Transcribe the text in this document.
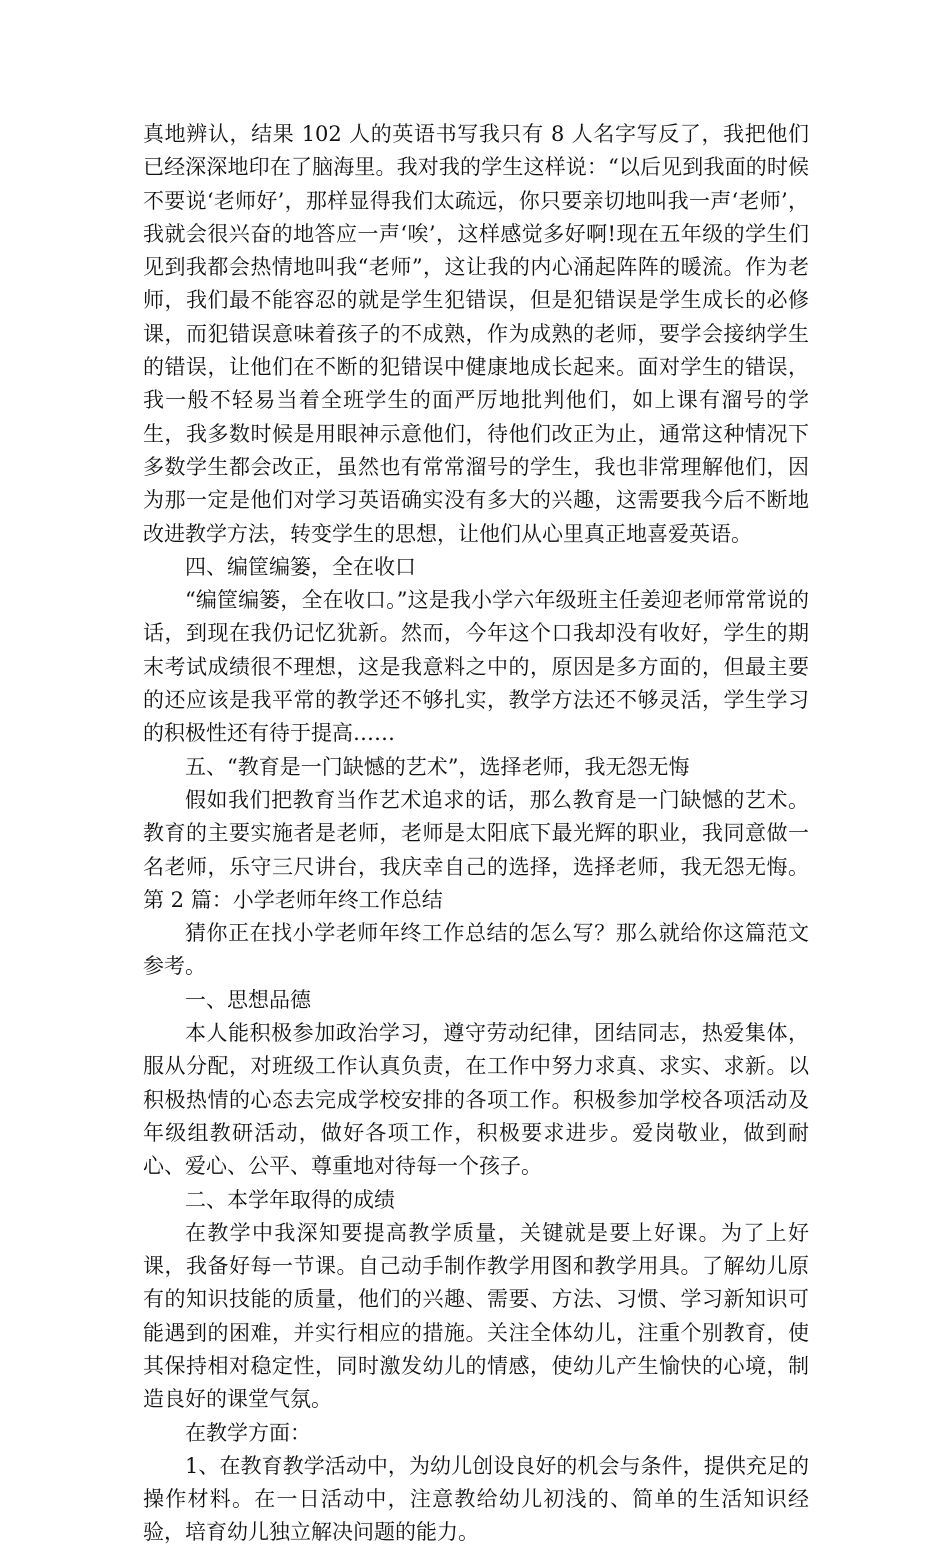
真地辨认，结果 102 人的英语书写我只有 8 人名字写反了，我把他们已经深深地印在了脑海里。我对我的学生这样说：“以后见到我面的时候不要说‘老师好’，那样显得我们太疏远，你只要亲切地叫我一声‘老师’，我就会很兴奋的地答应一声‘唉’，这样感觉多好啊!现在五年级的学生们见到我都会热情地叫我“老师”，这让我的内心涌起阵阵的暖流。作为老师，我们最不能容忍的就是学生犯错误，但是犯错误是学生成长的必修课，而犯错误意味着孩子的不成熟，作为成熟的老师，要学会接纳学生的错误，让他们在不断的犯错误中健康地成长起来。面对学生的错误，我一般不轻易当着全班学生的面严厉地批判他们，如上课有溜号的学生，我多数时候是用眼神示意他们，待他们改正为止，通常这种情况下多数学生都会改正，虽然也有常常溜号的学生，我也非常理解他们，因为那一定是他们对学习英语确实没有多大的兴趣，这需要我今后不断地改进教学方法，转变学生的思想，让他们从心里真正地喜爱英语。

四、编筐编篓，全在收口

“编筐编篓，全在收口。”这是我小学六年级班主任姜迎老师常常说的话，到现在我仍记忆犹新。然而，今年这个口我却没有收好，学生的期末考试成绩很不理想，这是我意料之中的，原因是多方面的，但最主要的还应该是我平常的教学还不够扎实，教学方法还不够灵活，学生学习的积极性还有待于提高……

五、“教育是一门缺憾的艺术”，选择老师，我无怨无悔

假如我们把教育当作艺术追求的话，那么教育是一门缺憾的艺术。教育的主要实施者是老师，老师是太阳底下最光辉的职业，我同意做一名老师，乐守三尺讲台，我庆幸自己的选择，选择老师，我无怨无悔。第 2 篇：小学老师年终工作总结

猜你正在找小学老师年终工作总结的怎么写？那么就给你这篇范文参考。

一、思想品德

本人能积极参加政治学习，遵守劳动纪律，团结同志，热爱集体，服从分配，对班级工作认真负责，在工作中努力求真、求实、求新。以积极热情的心态去完成学校安排的各项工作。积极参加学校各项活动及年级组教研活动，做好各项工作，积极要求进步。爱岗敬业，做到耐心、爱心、公平、尊重地对待每一个孩子。

二、本学年取得的成绩

在教学中我深知要提高教学质量，关键就是要上好课。为了上好课，我备好每一节课。自己动手制作教学用图和教学用具。了解幼儿原有的知识技能的质量，他们的兴趣、需要、方法、习惯、学习新知识可能遇到的困难，并实行相应的措施。关注全体幼儿，注重个别教育，使其保持相对稳定性，同时激发幼儿的情感，使幼儿产生愉快的心境，制造良好的课堂气氛。

在教学方面：

1、在教育教学活动中，为幼儿创设良好的机会与条件，提供充足的操作材料。在一日活动中，注意教给幼儿初浅的、简单的生活知识经验，培育幼儿独立解决问题的能力。
